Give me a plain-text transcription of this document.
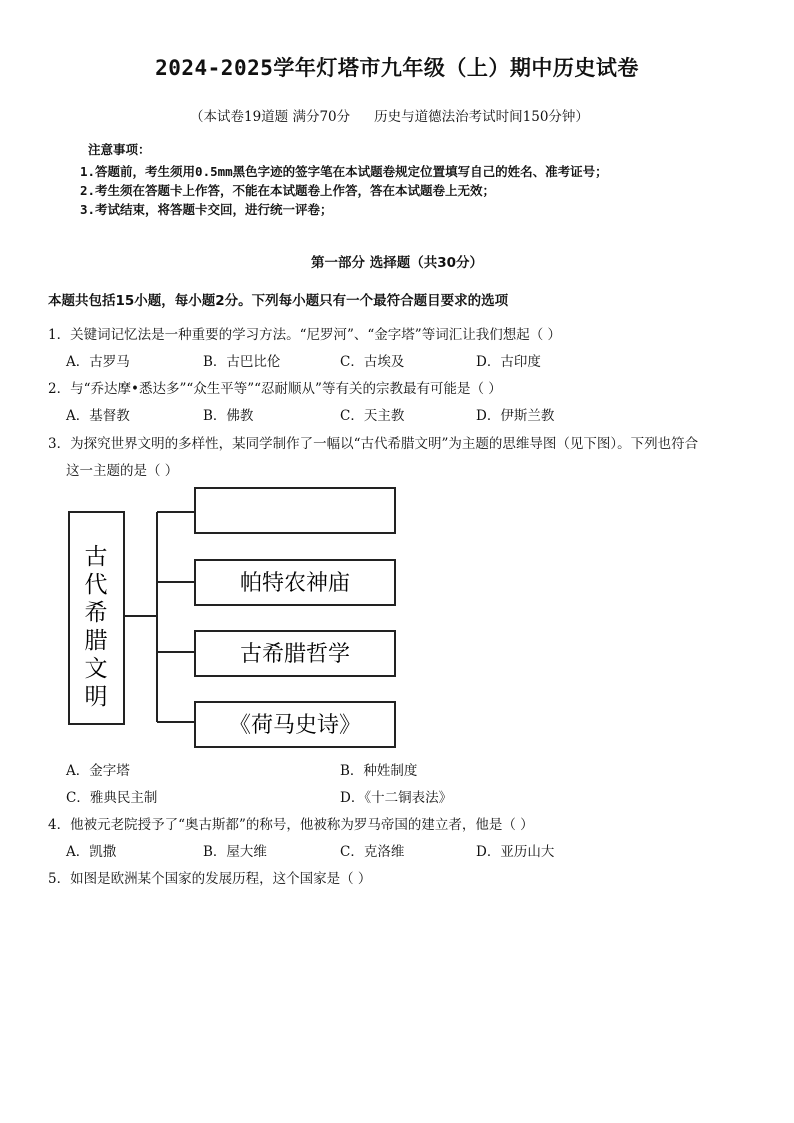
2024-2025学年灯塔市九年级（上）期中历史试卷
（本试卷19道题 满分70分 历史与道德法治考试时间150分钟）
注意事项：
1.答题前，考生须用0.5mm黑色字迹的签字笔在本试题卷规定位置填写自己的姓名、准考证号；
2.考生须在答题卡上作答，不能在本试题卷上作答，答在本试题卷上无效；
3.考试结束，将答题卡交回，进行统一评卷；
第一部分 选择题（共30分）
本题共包括15小题，每小题2分。下列每小题只有一个最符合题目要求的选项
1．关键词记忆法是一种重要的学习方法。“尼罗河”、“金字塔”等词汇让我们想起（ ）
A．古罗马	B．古巴比伦	C．古埃及	D．古印度
2．与“乔达摩•悉达多”“众生平等”“忍耐顺从”等有关的宗教最有可能是（ ）
A．基督教	B．佛教	C．天主教	D．伊斯兰教
3．为探究世界文明的多样性，某同学制作了一幅以“古代希腊文明”为主题的思维导图（见下图）。下列也符合
这一主题的是（ ）
古
代
希
腊
文
明
帕特农神庙
古希腊哲学
《荷马史诗》
A．金字塔	B．种姓制度
C．雅典民主制	D．《十二铜表法》
4．他被元老院授予了“奥古斯都”的称号，他被称为罗马帝国的建立者，他是（ ）
A．凯撒	B．屋大维	C．克洛维	D．亚历山大
5．如图是欧洲某个国家的发展历程，这个国家是（ ）
